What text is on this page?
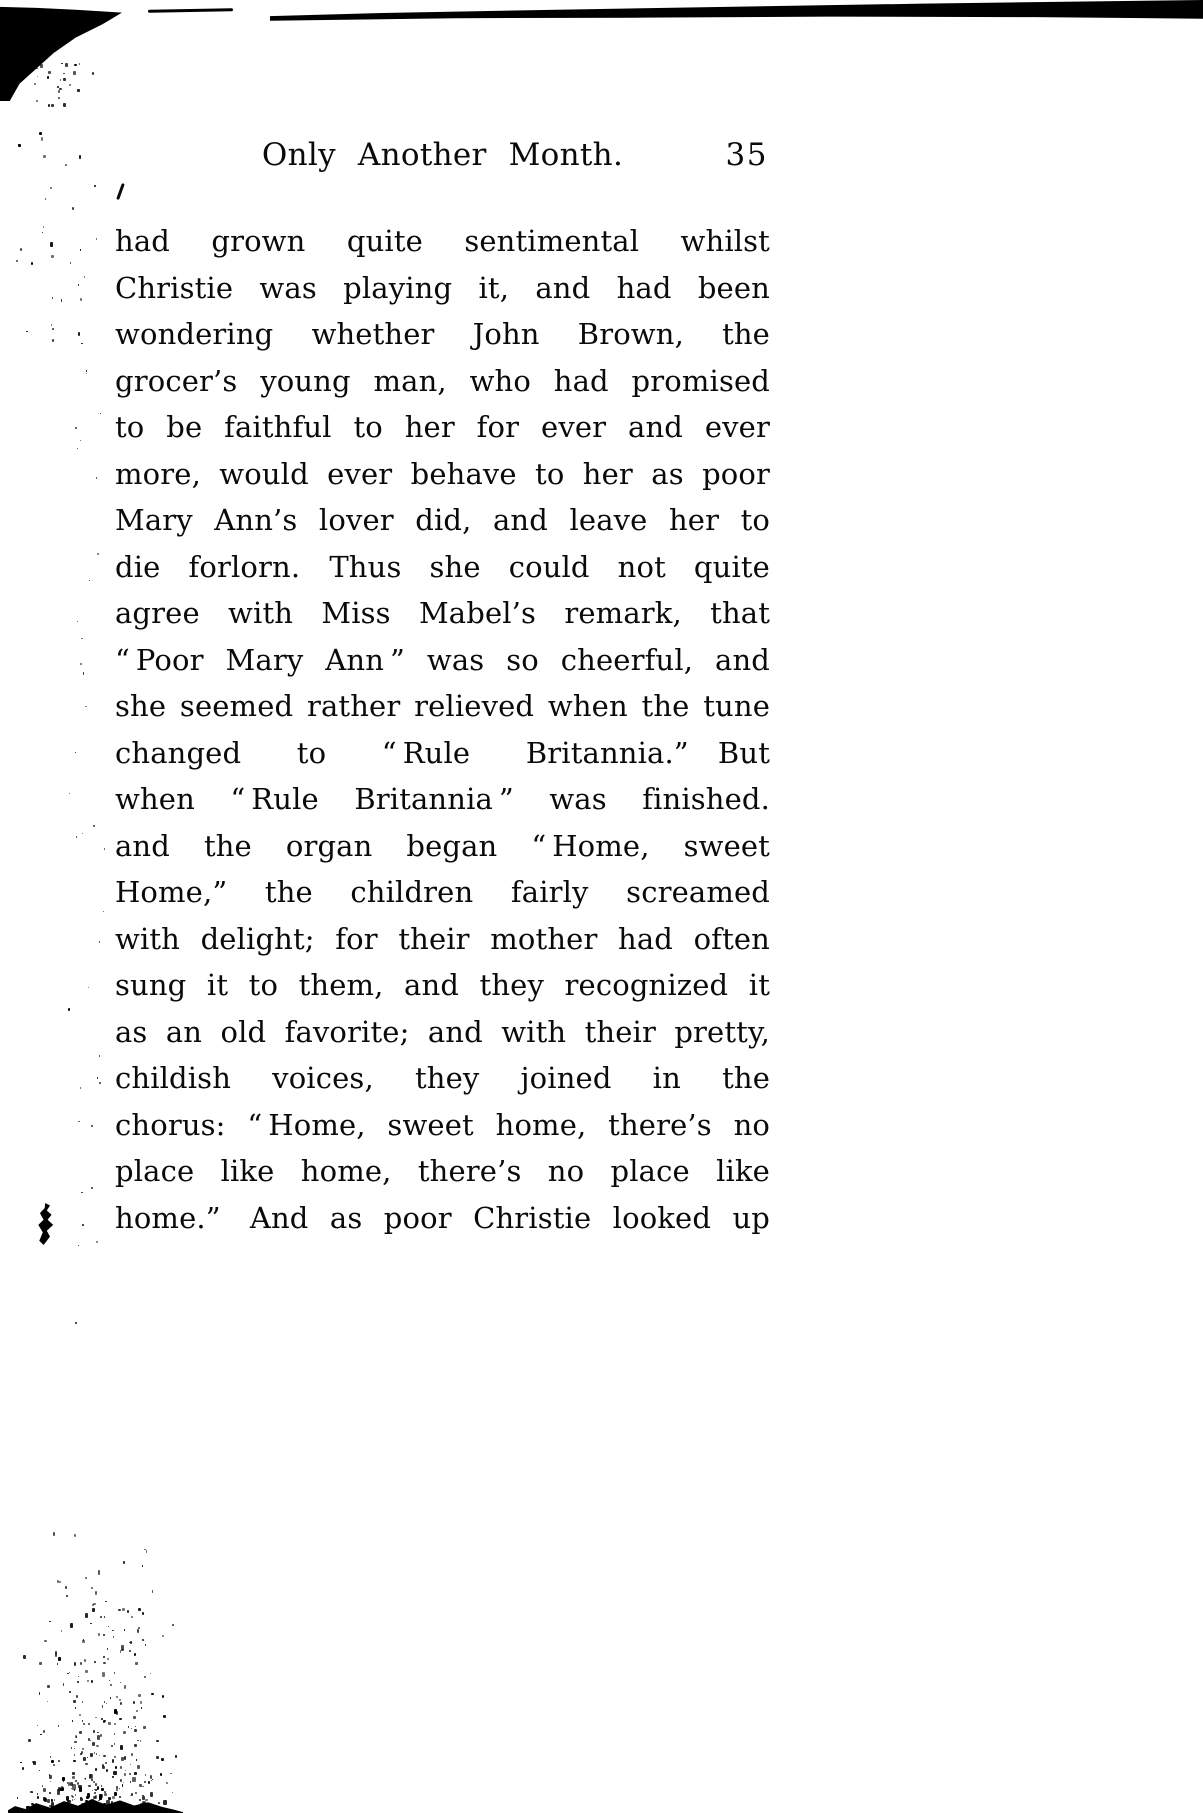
Only Another Month.	35
had grown quite sentimental whilst
Christie was playing it, and had been
wondering whether John Brown, the
grocer’s young man, who had promised
to be faithful to her for ever and ever
more, would ever behave to her as poor
Mary Ann’s lover did, and leave her to
die forlorn. Thus she could not quite
agree with Miss Mabel’s remark, that
“ Poor Mary Ann ” was so cheerful, and
she seemed rather relieved when the tune
changed to “ Rule Britannia.” But
when “ Rule Britannia ” was finished.
and the organ began “ Home, sweet
Home,” the children fairly screamed
with delight; for their mother had often
sung it to them, and they recognized it
as an old favorite; and with their pretty,
childish voices, they joined in the
chorus: “ Home, sweet home, there’s no
place like home, there’s no place like
home.” And as poor Christie looked up
